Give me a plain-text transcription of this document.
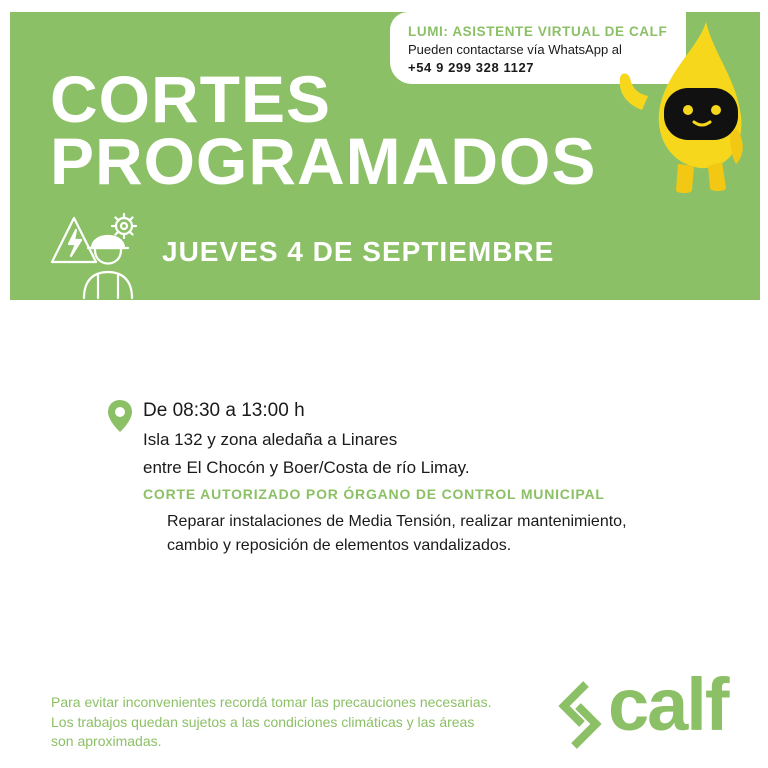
CORTES
PROGRAMADOS
JUEVES 4 DE SEPTIEMBRE
LUMI: ASISTENTE VIRTUAL DE CALF
Pueden contactarse vía WhatsApp al
+54 9 299 328 1127
De 08:30 a 13:00 h
Isla 132 y zona aledaña a Linares
entre El Chocón y Boer/Costa de río Limay.
CORTE AUTORIZADO POR ÓRGANO DE CONTROL MUNICIPAL
Reparar instalaciones de Media Tensión, realizar mantenimiento,
cambio y reposición de elementos vandalizados.
Para evitar inconvenientes recordá tomar las precauciones necesarias.
Los trabajos quedan sujetos a las condiciones climáticas y las áreas
son aproximadas.	calf
